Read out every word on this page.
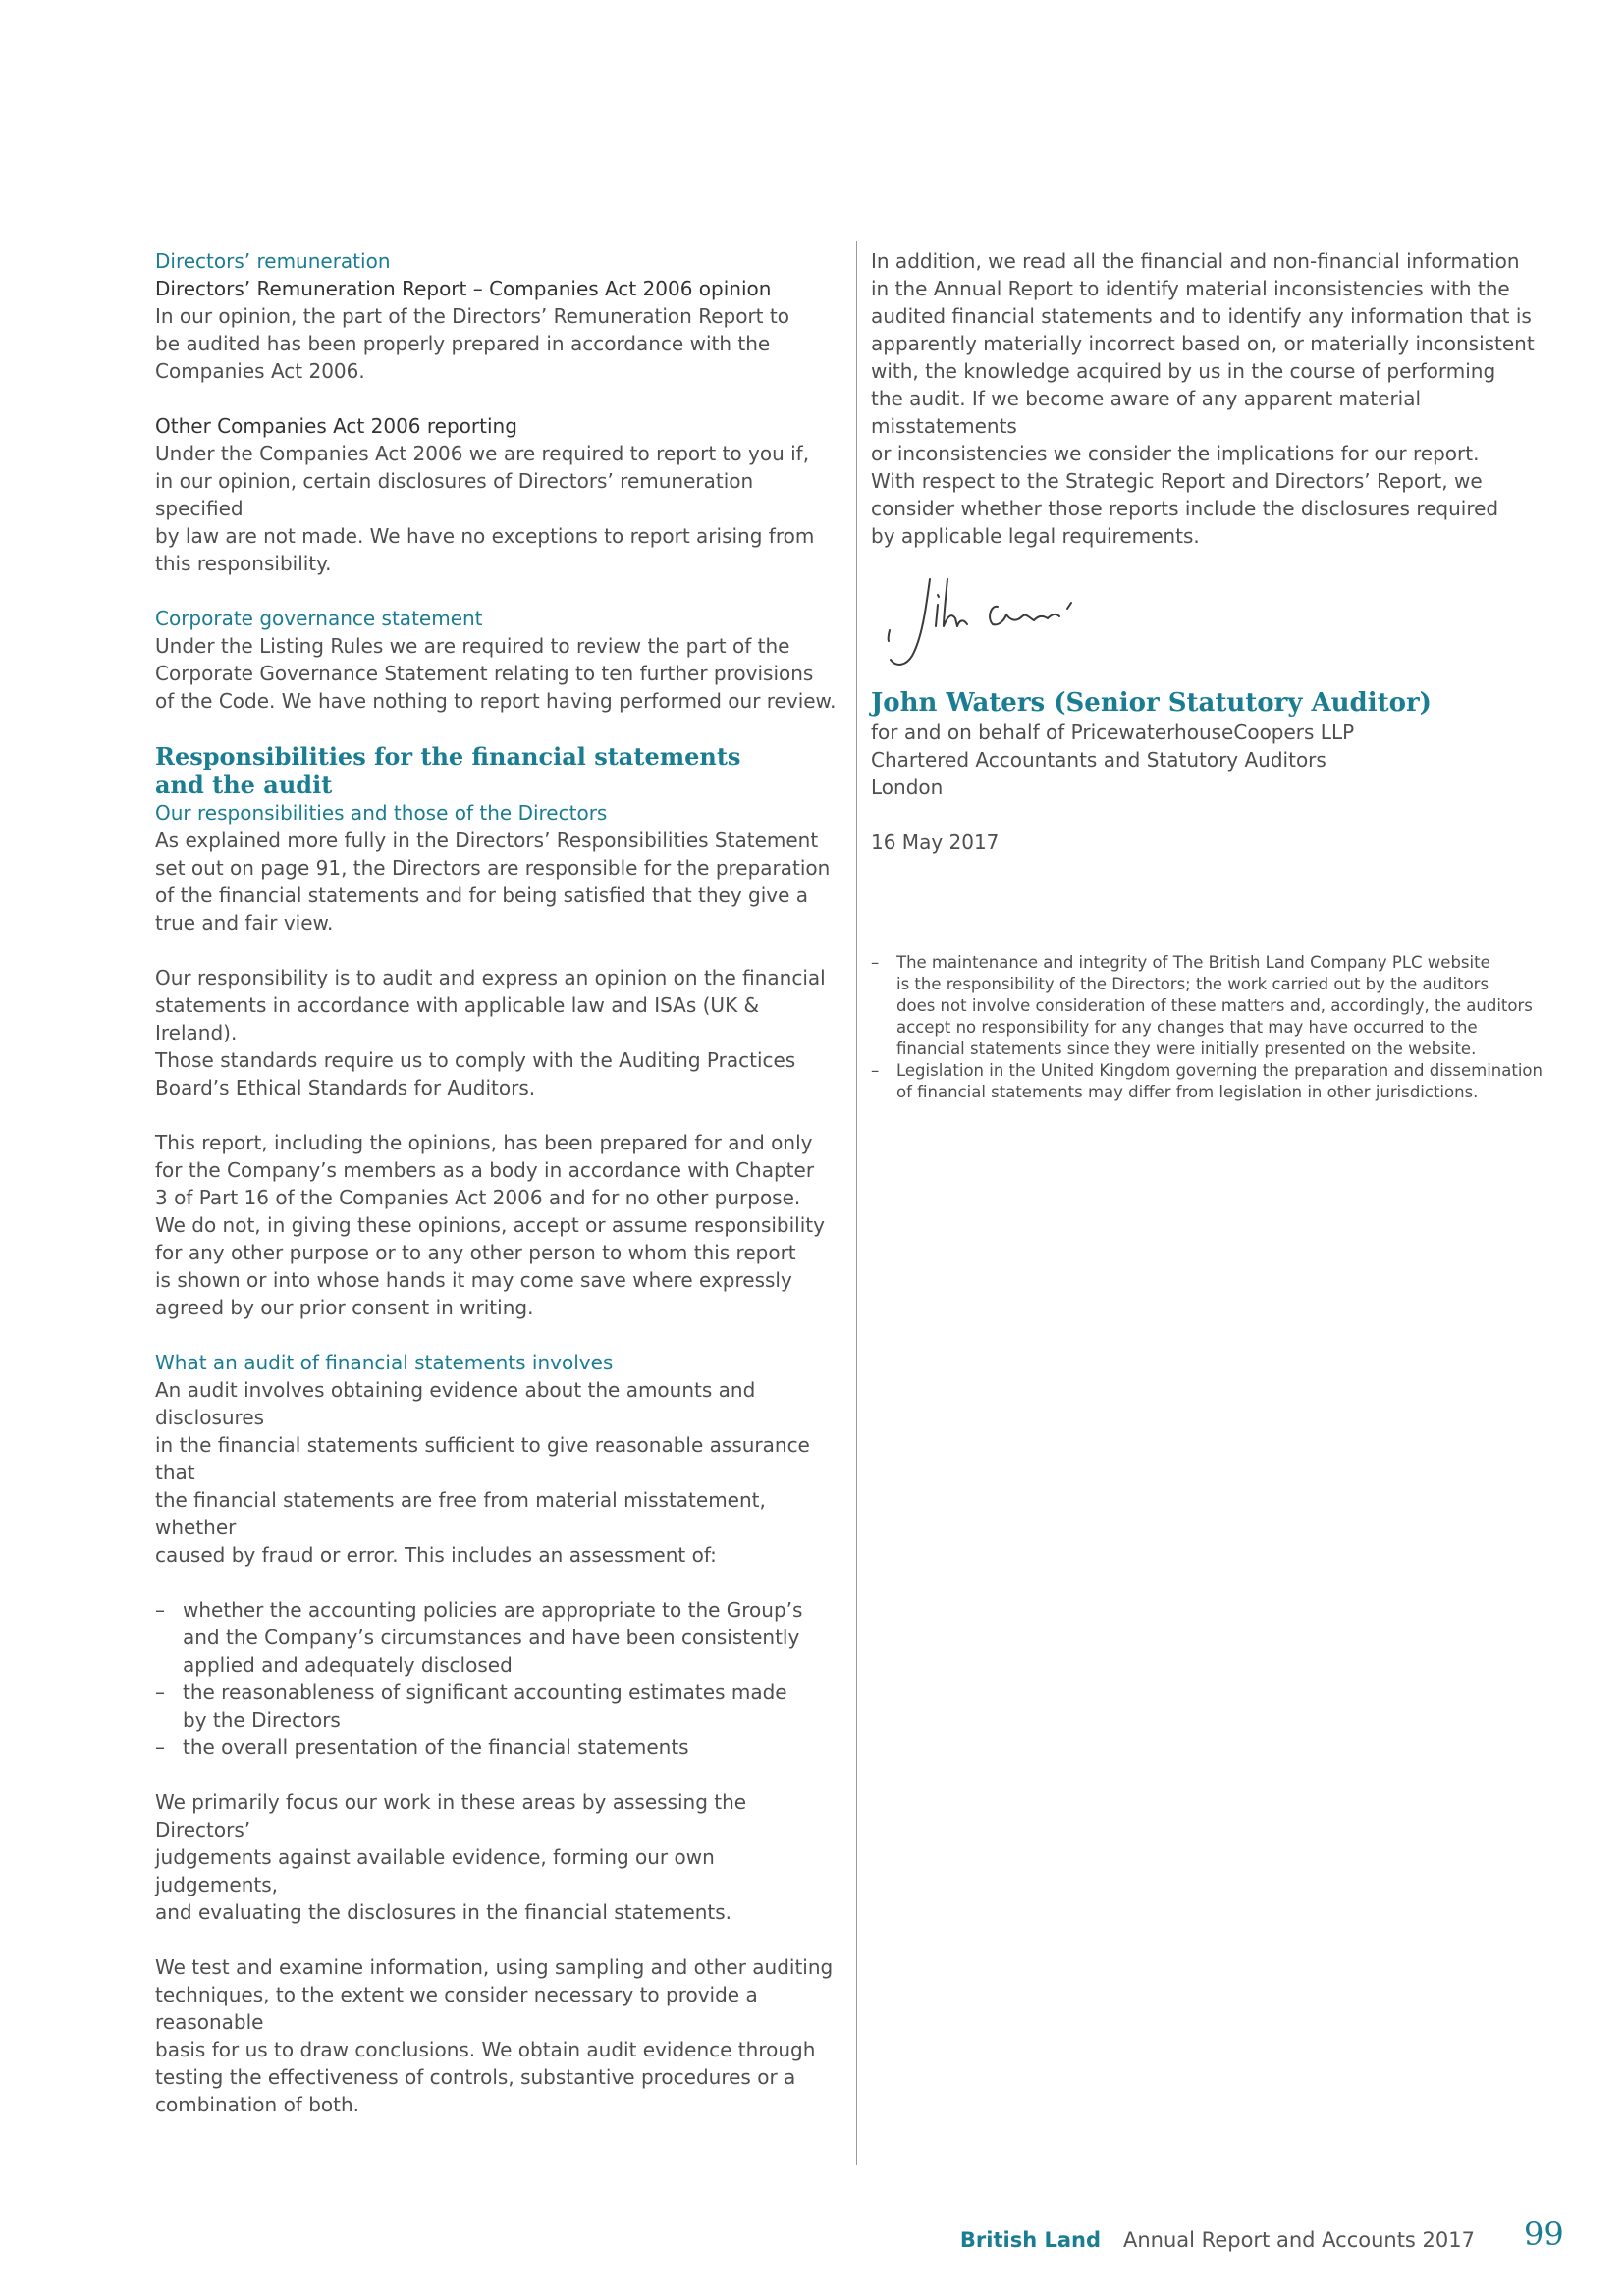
Directors’ remuneration

Directors’ Remuneration Report – Companies Act 2006 opinion

In our opinion, the part of the Directors’ Remuneration Report to
be audited has been properly prepared in accordance with the
Companies Act 2006.

Other Companies Act 2006 reporting

Under the Companies Act 2006 we are required to report to you if,
in our opinion, certain disclosures of Directors’ remuneration specified
by law are not made. We have no exceptions to report arising from
this responsibility.

Corporate governance statement

Under the Listing Rules we are required to review the part of the
Corporate Governance Statement relating to ten further provisions
of the Code. We have nothing to report having performed our review.

Responsibilities for the financial statements and the audit

Our responsibilities and those of the Directors

As explained more fully in the Directors’ Responsibilities Statement
set out on page 91, the Directors are responsible for the preparation
of the financial statements and for being satisfied that they give a
true and fair view.

Our responsibility is to audit and express an opinion on the financial
statements in accordance with applicable law and ISAs (UK & Ireland).
Those standards require us to comply with the Auditing Practices
Board’s Ethical Standards for Auditors.

This report, including the opinions, has been prepared for and only
for the Company’s members as a body in accordance with Chapter
3 of Part 16 of the Companies Act 2006 and for no other purpose.
We do not, in giving these opinions, accept or assume responsibility
for any other purpose or to any other person to whom this report
is shown or into whose hands it may come save where expressly
agreed by our prior consent in writing.

What an audit of financial statements involves

An audit involves obtaining evidence about the amounts and disclosures
in the financial statements sufficient to give reasonable assurance that
the financial statements are free from material misstatement, whether
caused by fraud or error. This includes an assessment of:

– whether the accounting policies are appropriate to the Group’s
and the Company’s circumstances and have been consistently
applied and adequately disclosed
– the reasonableness of significant accounting estimates made
by the Directors
– the overall presentation of the financial statements

We primarily focus our work in these areas by assessing the Directors’
judgements against available evidence, forming our own judgements,
and evaluating the disclosures in the financial statements.

We test and examine information, using sampling and other auditing
techniques, to the extent we consider necessary to provide a reasonable
basis for us to draw conclusions. We obtain audit evidence through
testing the effectiveness of controls, substantive procedures or a
combination of both.

In addition, we read all the financial and non-financial information
in the Annual Report to identify material inconsistencies with the
audited financial statements and to identify any information that is
apparently materially incorrect based on, or materially inconsistent
with, the knowledge acquired by us in the course of performing
the audit. If we become aware of any apparent material misstatements
or inconsistencies we consider the implications for our report.
With respect to the Strategic Report and Directors’ Report, we
consider whether those reports include the disclosures required
by applicable legal requirements.

John Waters (Senior Statutory Auditor)

for and on behalf of PricewaterhouseCoopers LLP

Chartered Accountants and Statutory Auditors

London

16 May 2017

– The maintenance and integrity of The British Land Company PLC website
is the responsibility of the Directors; the work carried out by the auditors
does not involve consideration of these matters and, accordingly, the auditors
accept no responsibility for any changes that may have occurred to the
financial statements since they were initially presented on the website.
– Legislation in the United Kingdom governing the preparation and dissemination
of financial statements may differ from legislation in other jurisdictions.
British Land Annual Report and Accounts 2017 99
